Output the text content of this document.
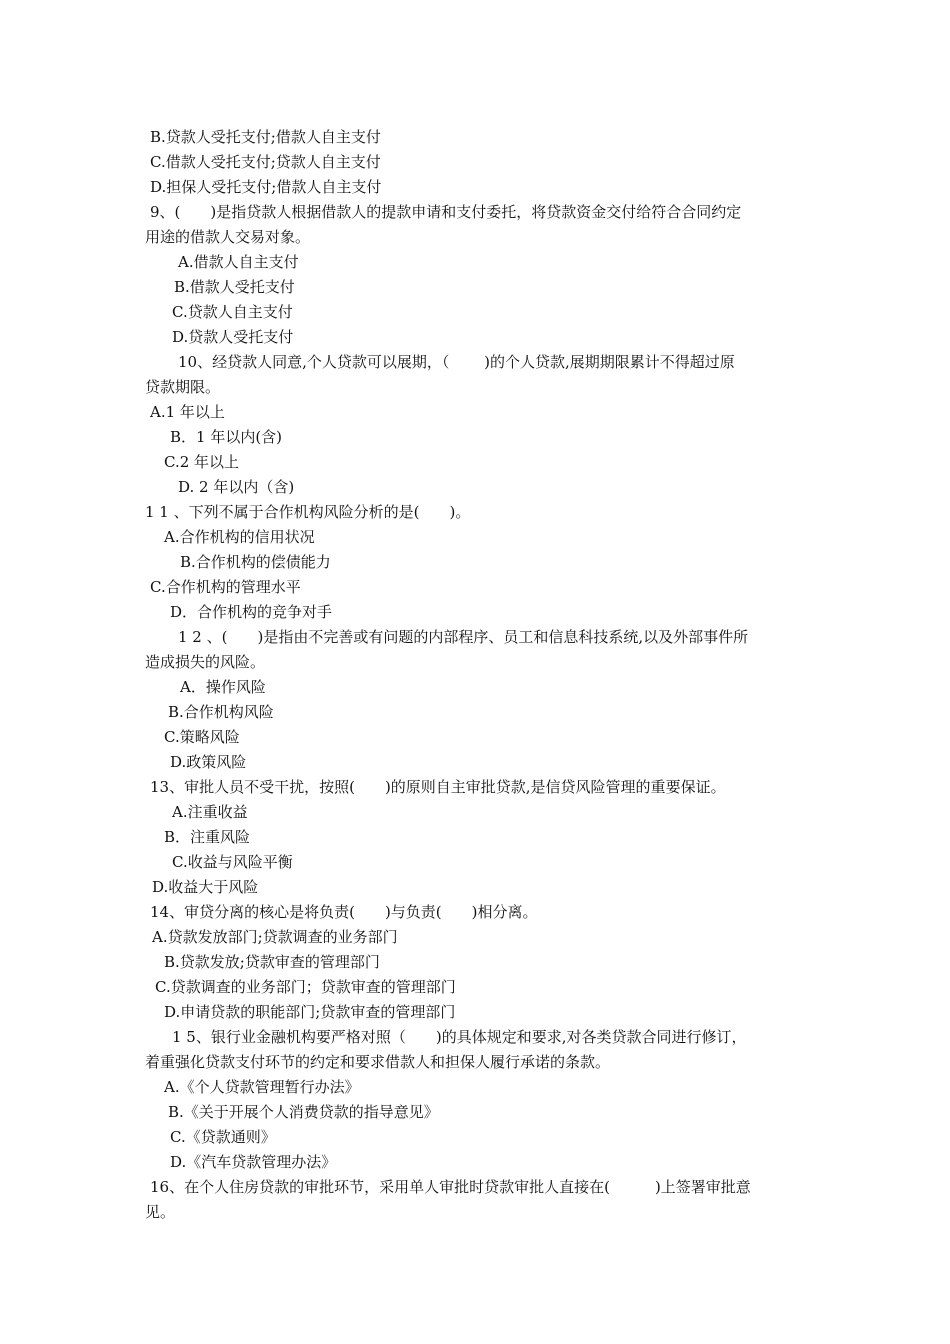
B.贷款人受托支付;借款人自主支付
C.借款人受托支付;贷款人自主支付
D.担保人受托支付;借款人自主支付
9、(　　)是指贷款人根据借款人的提款申请和支付委托，将贷款资金交付给符合合同约定
用途的借款人交易对象。
A.借款人自主支付
B.借款人受托支付
C.贷款人自主支付
D.贷款人受托支付
10、经贷款人同意,个人贷款可以展期，（　　 )的个人贷款,展期期限累计不得超过原
贷款期限。
A.1 年以上
B．1 年以内(含)
C.2 年以上
D. 2 年以内（含)
1 1 、下列不属于合作机构风险分析的是(　　)。
A.合作机构的信用状况
B.合作机构的偿债能力
C.合作机构的管理水平
D．合作机构的竞争对手
1 2 、(　　)是指由不完善或有问题的内部程序、员工和信息科技系统,以及外部事件所
造成损失的风险。
A．操作风险
B.合作机构风险
C.策略风险
D.政策风险
13、审批人员不受干扰，按照(　　)的原则自主审批贷款,是信贷风险管理的重要保证。
A.注重收益
B．注重风险
C.收益与风险平衡
D.收益大于风险
14、审贷分离的核心是将负责(　　)与负责(　　)相分离。
A.贷款发放部门;贷款调查的业务部门
B.贷款发放;贷款审查的管理部门
C.贷款调查的业务部门；贷款审查的管理部门
D.申请贷款的职能部门;贷款审查的管理部门
1 5、银行业金融机构要严格对照（　　)的具体规定和要求,对各类贷款合同进行修订，
着重强化贷款支付环节的约定和要求借款人和担保人履行承诺的条款。
A.《个人贷款管理暂行办法》
B.《关于开展个人消费贷款的指导意见》
C.《贷款通则》
D.《汽车贷款管理办法》
16、在个人住房贷款的审批环节，采用单人审批时贷款审批人直接在(　　　)上签署审批意
见。
